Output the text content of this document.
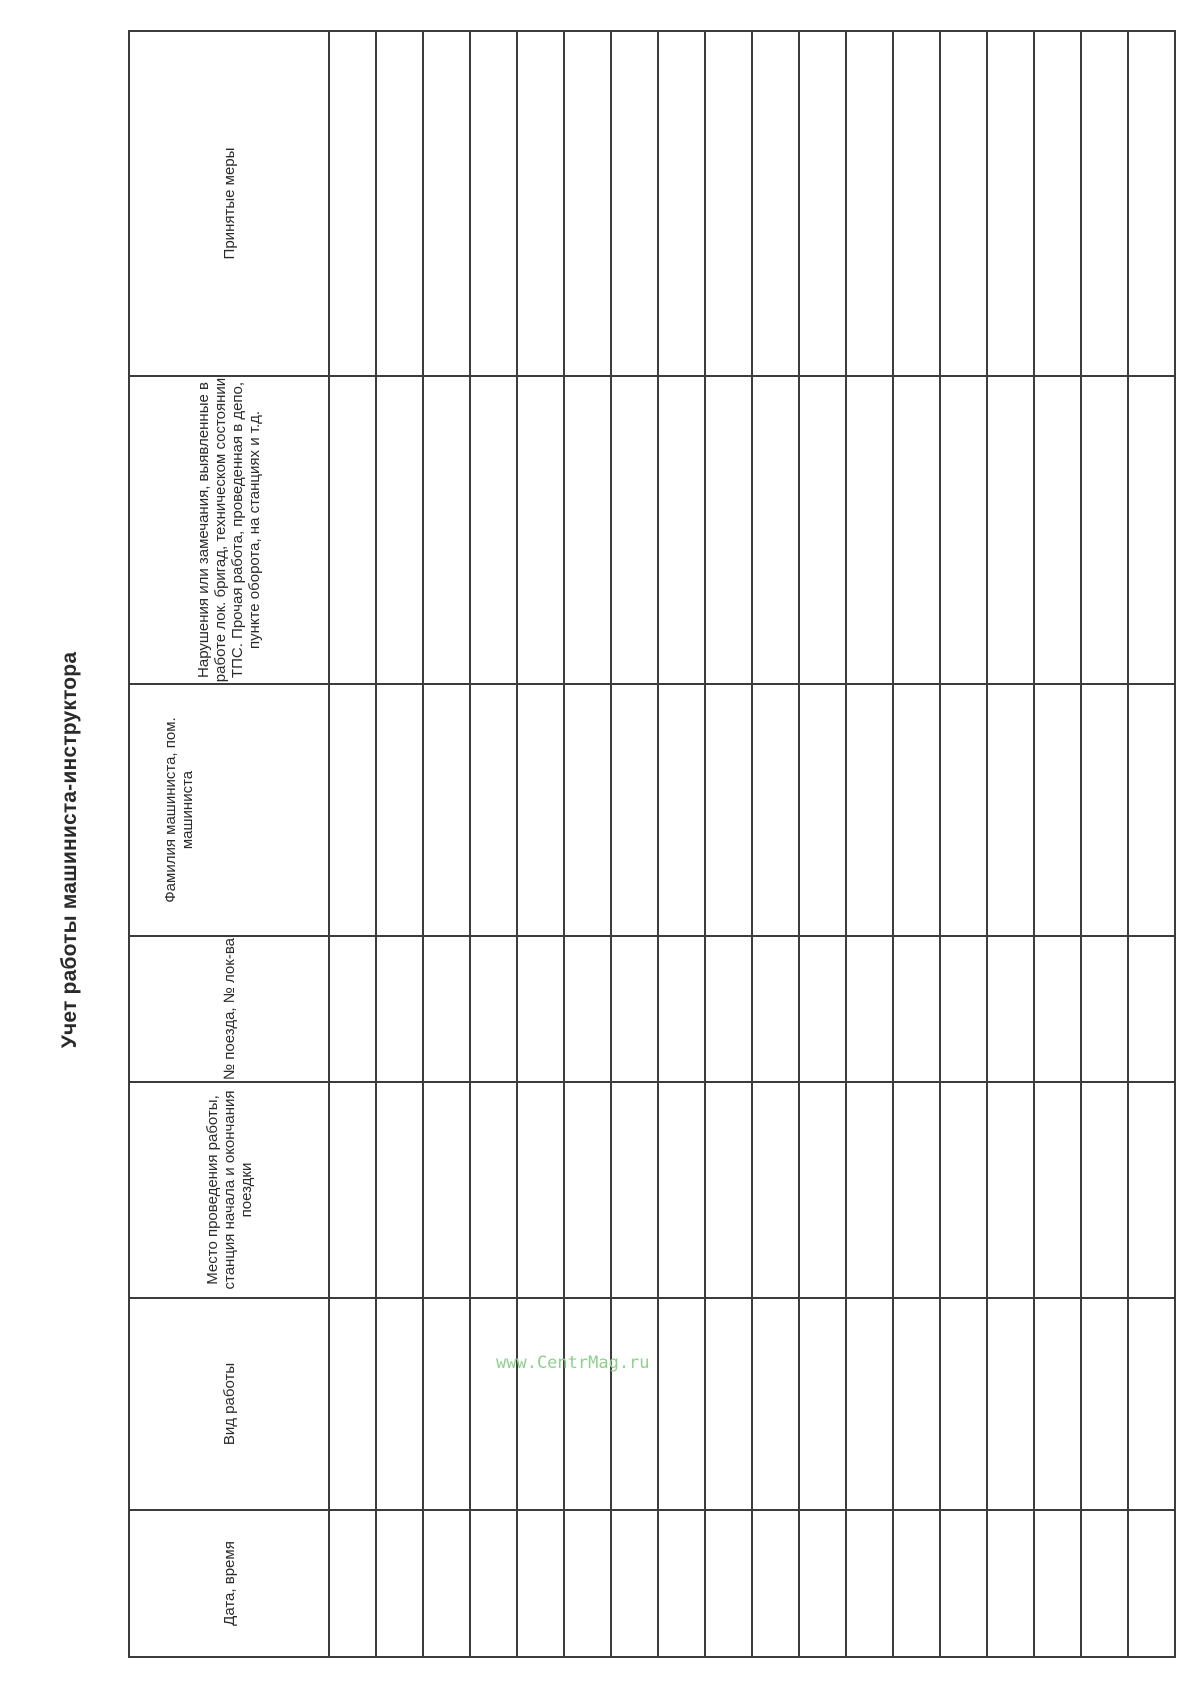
Учет работы машиниста-инструктора
Дата, время	Вид работы	Место проведения работы, станция начала и окончания поездки	№ поезда, № лок-ва	Фамилия машиниста, пом. машиниста	Нарушения или замечания, выявленные в работе лок. бригад, техническом состоянии ТПС. Прочая работа, проведенная в депо, пункте оборота, на станциях и т.д.	Принятые меры

www.CentrMag.ru
